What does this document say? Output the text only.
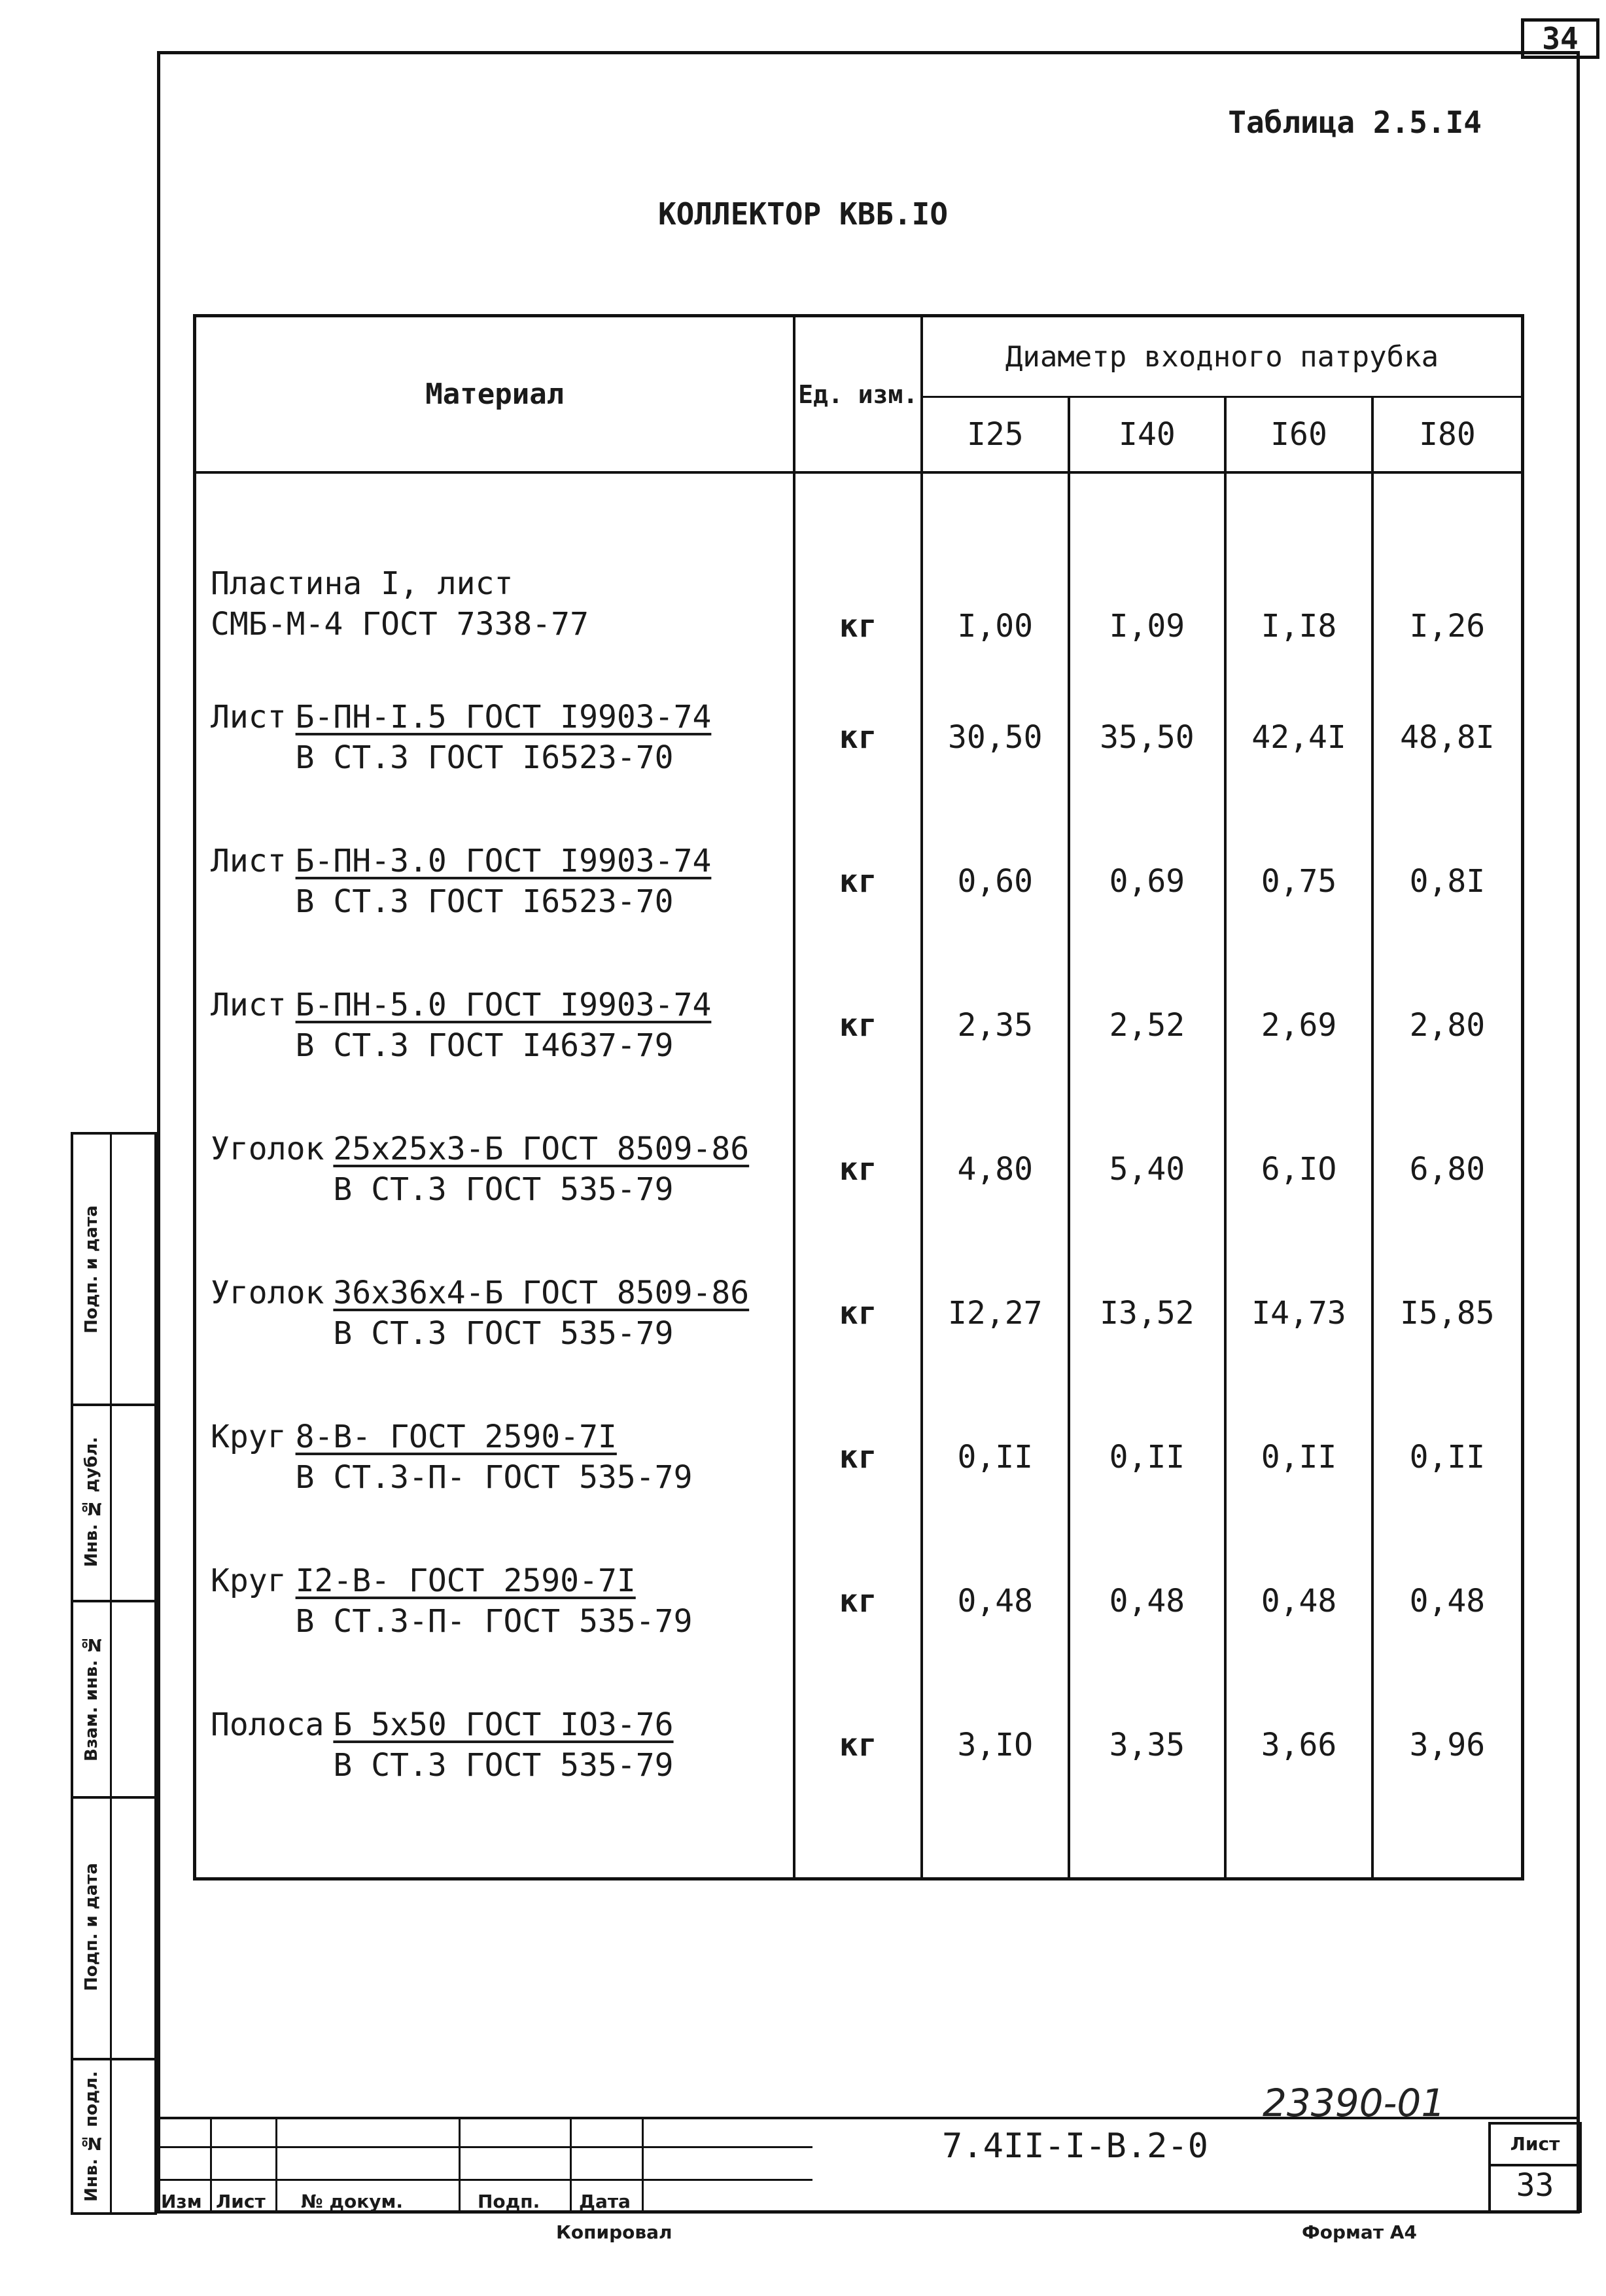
34
Таблица 2.5.I4
КОЛЛЕКТОР КВБ.IO
Материал	Ед. изм.	Диаметр входного патрубка			
		I25	I40	I60	I80

Пластина I, лист
СМБ-М-4 ГОСТ 7338-77	кг	I,00	I,09	I,I8	I,26
Лист Б-ПН-I.5 ГОСТ I9903-74
В СТ.3 ГОСТ I6523-70	кг	30,50	35,50	42,4I	48,8I
Лист Б-ПН-3.0 ГОСТ I9903-74
В СТ.3 ГОСТ I6523-70	кг	0,60	0,69	0,75	0,8I
Лист Б-ПН-5.0 ГОСТ I9903-74
В СТ.3 ГОСТ I4637-79	кг	2,35	2,52	2,69	2,80
Уголок 25х25х3-Б ГОСТ 8509-86
В СТ.3 ГОСТ 535-79	кг	4,80	5,40	6,IO	6,80
Уголок 36х36х4-Б ГОСТ 8509-86
В СТ.3 ГОСТ 535-79	кг	I2,27	I3,52	I4,73	I5,85
Круг 8-В- ГОСТ 2590-7I
В СТ.3-П- ГОСТ 535-79	кг	0,II	0,II	0,II	0,II
Круг I2-В- ГОСТ 2590-7I
В СТ.3-П- ГОСТ 535-79	кг	0,48	0,48	0,48	0,48
Полоса Б 5х50 ГОСТ IO3-76
В СТ.3 ГОСТ 535-79	кг	3,IO	3,35	3,66	3,96

23390-01
7.4II-I-В.2-0	Лист
33
Изм Лист № докум.	Подп. Дата
Копировал	Формат А4
Подп. и дата
Инв. № дубл.
Взам. инв. №
Подп. и дата
Инв. № подл.
